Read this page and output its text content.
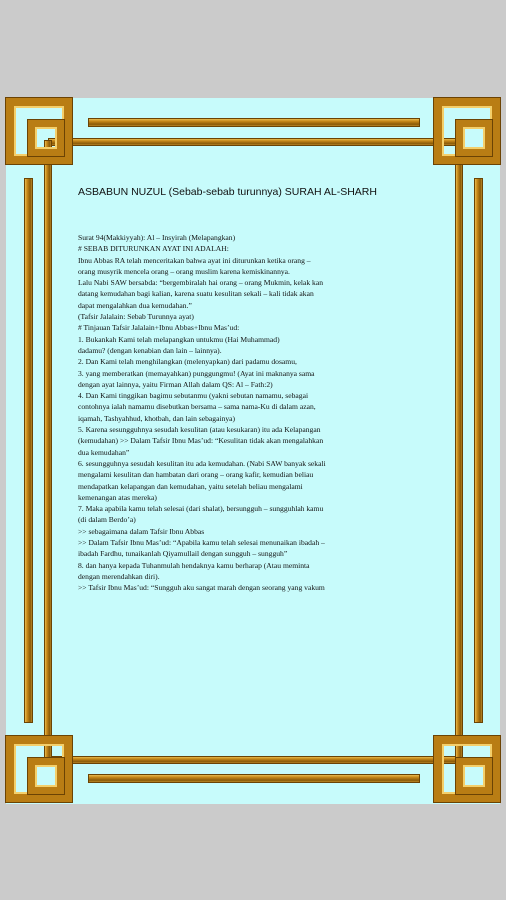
ASBABUN NUZUL (Sebab-sebab turunnya) SURAH AL-SHARH

Surat 94(Makkiyyah): Al – Insyirah (Melapangkan)

# SEBAB DITURUNKAN AYAT INI ADALAH:

Ibnu Abbas RA telah menceritakan bahwa ayat ini diturunkan ketika orang –

orang musyrik mencela orang – orang muslim karena kemiskinannya.

Lalu Nabi SAW bersabda: “bergembiralah hai orang – orang Mukmin, kelak kan

datang kemudahan bagi kalian, karena suatu kesulitan sekali – kali tidak akan

dapat mengalahkan dua kemudahan.”

(Tafsir Jalalain: Sebab Turunnya ayat)

# Tinjauan Tafsir Jalalain+Ibnu Abbas+Ibnu Mas’ud:

1. Bukankah Kami telah melapangkan untukmu (Hai Muhammad)

dadamu? (dengan kenabian dan lain – lainnya).

2. Dan Kami telah menghilangkan (melenyapkan) dari padamu dosamu,

3. yang memberatkan (memayahkan) punggungmu! (Ayat ini maknanya sama

dengan ayat lainnya, yaitu Firman Allah dalam QS: Al – Fath:2)

4. Dan Kami tinggikan bagimu sebutanmu (yakni sebutan namamu, sebagai

contohnya ialah namamu disebutkan bersama – sama nama-Ku di dalam azan,

iqamah, Tashyahhud, khotbah, dan lain sebagainya)

5. Karena sesungguhnya sesudah kesulitan (atau kesukaran) itu ada Kelapangan

(kemudahan) >> Dalam Tafsir Ibnu Mas’ud: “Kesulitan tidak akan mengalahkan

dua kemudahan”

6. sesungguhnya sesudah kesulitan itu ada kemudahan. (Nabi SAW banyak sekali

mengalami kesulitan dan hambatan dari orang – orang kafir, kemudian beliau

mendapatkan kelapangan dan kemudahan, yaitu setelah beliau mengalami

kemenangan atas mereka)

7. Maka apabila kamu telah selesai (dari shalat), bersungguh – sungguhlah kamu

(di dalam Berdo’a)

>> sebagaimana dalam Tafsir Ibnu Abbas

>> Dalam Tafsir Ibnu Mas’ud: “Apabila kamu telah selesai menunaikan ibadah –

ibadah Fardhu, tunaikanlah Qiyamullail dengan sungguh – sungguh”

8. dan hanya kepada Tuhanmulah hendaknya kamu berharap (Atau meminta

dengan merendahkan diri).

>> Tafsir Ibnu Mas’ud: “Sungguh aku sangat marah dengan seorang yang vakum
